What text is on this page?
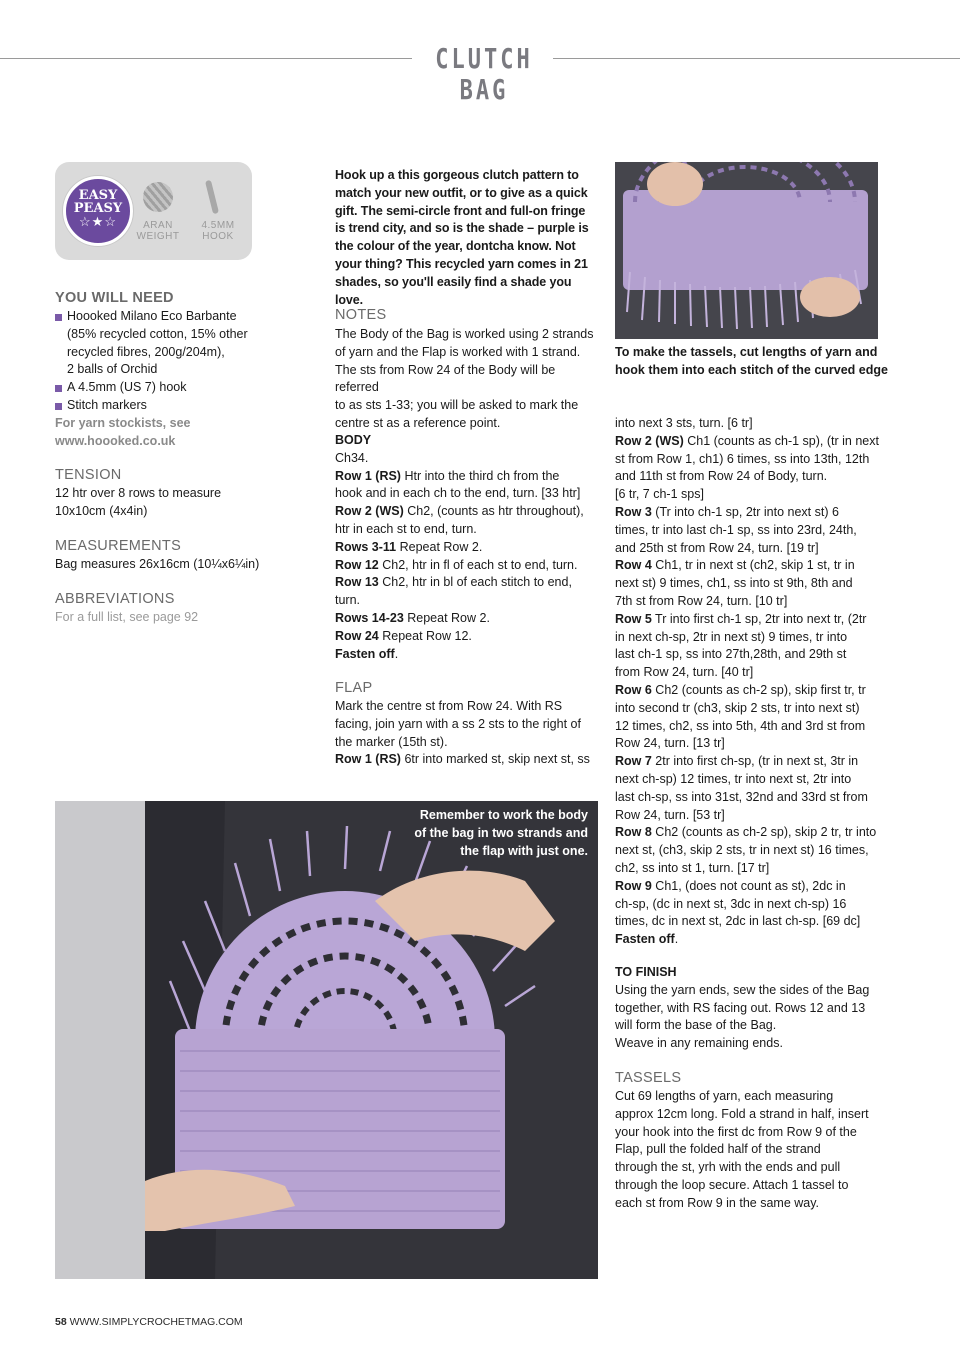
CLUTCH BAG
EASY
PEASY
☆★☆	ARAN
WEIGHT
4.5MM
HOOK
YOU WILL NEED

Hoooked Milano Eco Barbante

(85% recycled cotton, 15% other

recycled fibres, 200g/204m),

2 balls of Orchid

A 4.5mm (US 7) hook

Stitch markers

For yarn stockists, see

www.hoooked.co.uk

TENSION

12 htr over 8 rows to measure

10x10cm (4x4in)

MEASUREMENTS

Bag measures 26x16cm (10¼x6¼in)

ABBREVIATIONS

For a full list, see page 92

Hook up a this gorgeous clutch pattern to
match your new outfit, or to give as a quick
gift. The semi-circle front and full-on fringe
is trend city, and so is the shade – purple is
the colour of the year, dontcha know. Not
your thing? This recycled yarn comes in 21
shades, so you'll easily find a shade you love.
NOTES

The Body of the Bag is worked using 2 strands

of yarn and the Flap is worked with 1 strand.

The sts from Row 24 of the Body will be referred

to as sts 1-33; you will be asked to mark the

centre st as a reference point.

BODY

Ch34.

Row 1 (RS) Htr into the third ch from the

hook and in each ch to the end, turn. [33 htr]

Row 2 (WS) Ch2, (counts as htr throughout),

htr in each st to end, turn.

Rows 3-11 Repeat Row 2.

Row 12 Ch2, htr in fl of each st to end, turn.

Row 13 Ch2, htr in bl of each stitch to end,

turn.

Rows 14-23 Repeat Row 2.

Row 24 Repeat Row 12.

Fasten off.

FLAP

Mark the centre st from Row 24. With RS

facing, join yarn with a ss 2 sts to the right of

the marker (15th st).

Row 1 (RS) 6tr into marked st, skip next st, ss

To make the tassels, cut lengths of yarn and
hook them into each stitch of the curved edge

into next 3 sts, turn. [6 tr]

Row 2 (WS) Ch1 (counts as ch-1 sp), (tr in next

st from Row 1, ch1) 6 times, ss into 13th, 12th

and 11th st from Row 24 of Body, turn.

[6 tr, 7 ch-1 sps]

Row 3 (Tr into ch-1 sp, 2tr into next st) 6

times, tr into last ch-1 sp, ss into 23rd, 24th,

and 25th st from Row 24, turn. [19 tr]

Row 4 Ch1, tr in next st (ch2, skip 1 st, tr in

next st) 9 times, ch1, ss into st 9th, 8th and

7th st from Row 24, turn. [10 tr]

Row 5 Tr into first ch-1 sp, 2tr into next tr, (2tr

in next ch-sp, 2tr in next st) 9 times, tr into

last ch-1 sp, ss into 27th,28th, and 29th st

from Row 24, turn. [40 tr]

Row 6 Ch2 (counts as ch-2 sp), skip first tr, tr

into second tr (ch3, skip 2 sts, tr into next st)

12 times, ch2, ss into 5th, 4th and 3rd st from

Row 24, turn. [13 tr]

Row 7 2tr into first ch-sp, (tr in next st, 3tr in

next ch-sp) 12 times, tr into next st, 2tr into

last ch-sp, ss into 31st, 32nd and 33rd st from

Row 24, turn. [53 tr]

Row 8 Ch2 (counts as ch-2 sp), skip 2 tr, tr into

next st, (ch3, skip 2 sts, tr in next st) 16 times,

ch2, ss into st 1, turn. [17 tr]

Row 9 Ch1, (does not count as st), 2dc in

ch-sp, (dc in next st, 3dc in next ch-sp) 16

times, dc in next st, 2dc in last ch-sp. [69 dc]

Fasten off.

TO FINISH

Using the yarn ends, sew the sides of the Bag

together, with RS facing out. Rows 12 and 13

will form the base of the Bag.

Weave in any remaining ends.

TASSELS

Cut 69 lengths of yarn, each measuring

approx 12cm long. Fold a strand in half, insert

your hook into the first dc from Row 9 of the

Flap, pull the folded half of the strand

through the st, yrh with the ends and pull

through the loop secure. Attach 1 tassel to

each st from Row 9 in the same way.

Remember to work the body
of the bag in two strands and
the flap with just one.
58 WWW.SIMPLYCROCHETMAG.COM
